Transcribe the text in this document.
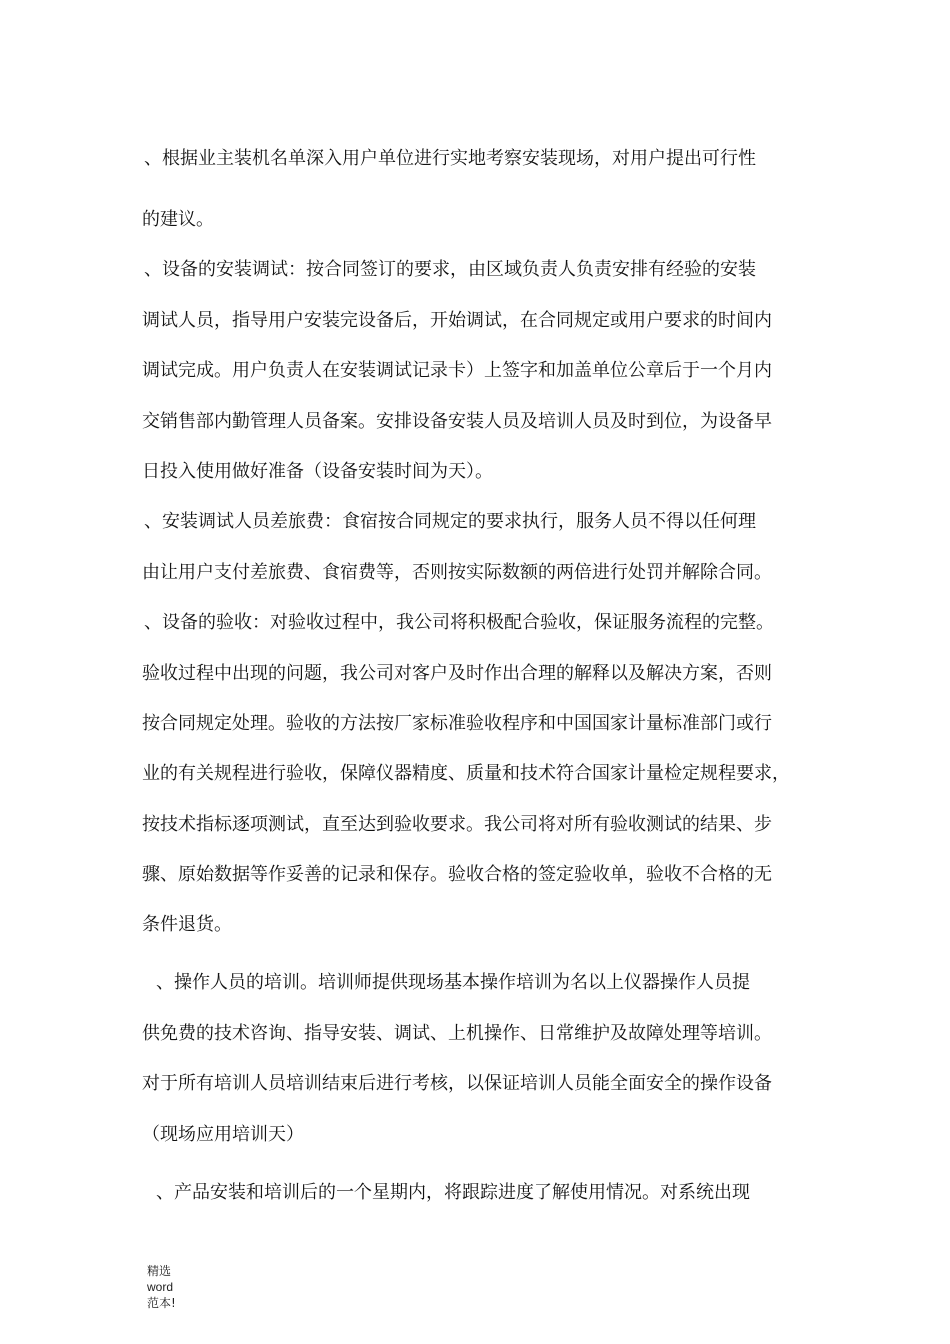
、根据业主装机名单深入用户单位进行实地考察安装现场，对用户提出可行性
的建议。
、设备的安装调试：按合同签订的要求，由区域负责人负责安排有经验的安装
调试人员，指导用户安装完设备后，开始调试，在合同规定或用户要求的时间内
调试完成。用户负责人在安装调试记录卡）上签字和加盖单位公章后于一个月内
交销售部内勤管理人员备案。安排设备安装人员及培训人员及时到位，为设备早
日投入使用做好准备（设备安装时间为天）。
、安装调试人员差旅费：食宿按合同规定的要求执行，服务人员不得以任何理
由让用户支付差旅费、食宿费等，否则按实际数额的两倍进行处罚并解除合同。
、设备的验收：对验收过程中，我公司将积极配合验收，保证服务流程的完整。
验收过程中出现的问题，我公司对客户及时作出合理的解释以及解决方案，否则
按合同规定处理。验收的方法按厂家标准验收程序和中国国家计量标准部门或行
业的有关规程进行验收，保障仪器精度、质量和技术符合国家计量检定规程要求，
按技术指标逐项测试，直至达到验收要求。我公司将对所有验收测试的结果、步
骤、原始数据等作妥善的记录和保存。验收合格的签定验收单，验收不合格的无
条件退货。
、操作人员的培训。培训师提供现场基本操作培训为名以上仪器操作人员提
供免费的技术咨询、指导安装、调试、上机操作、日常维护及故障处理等培训。
对于所有培训人员培训结束后进行考核，以保证培训人员能全面安全的操作设备
（现场应用培训天）
、产品安装和培训后的一个星期内，将跟踪进度了解使用情况。对系统出现
精选
word
范本!
